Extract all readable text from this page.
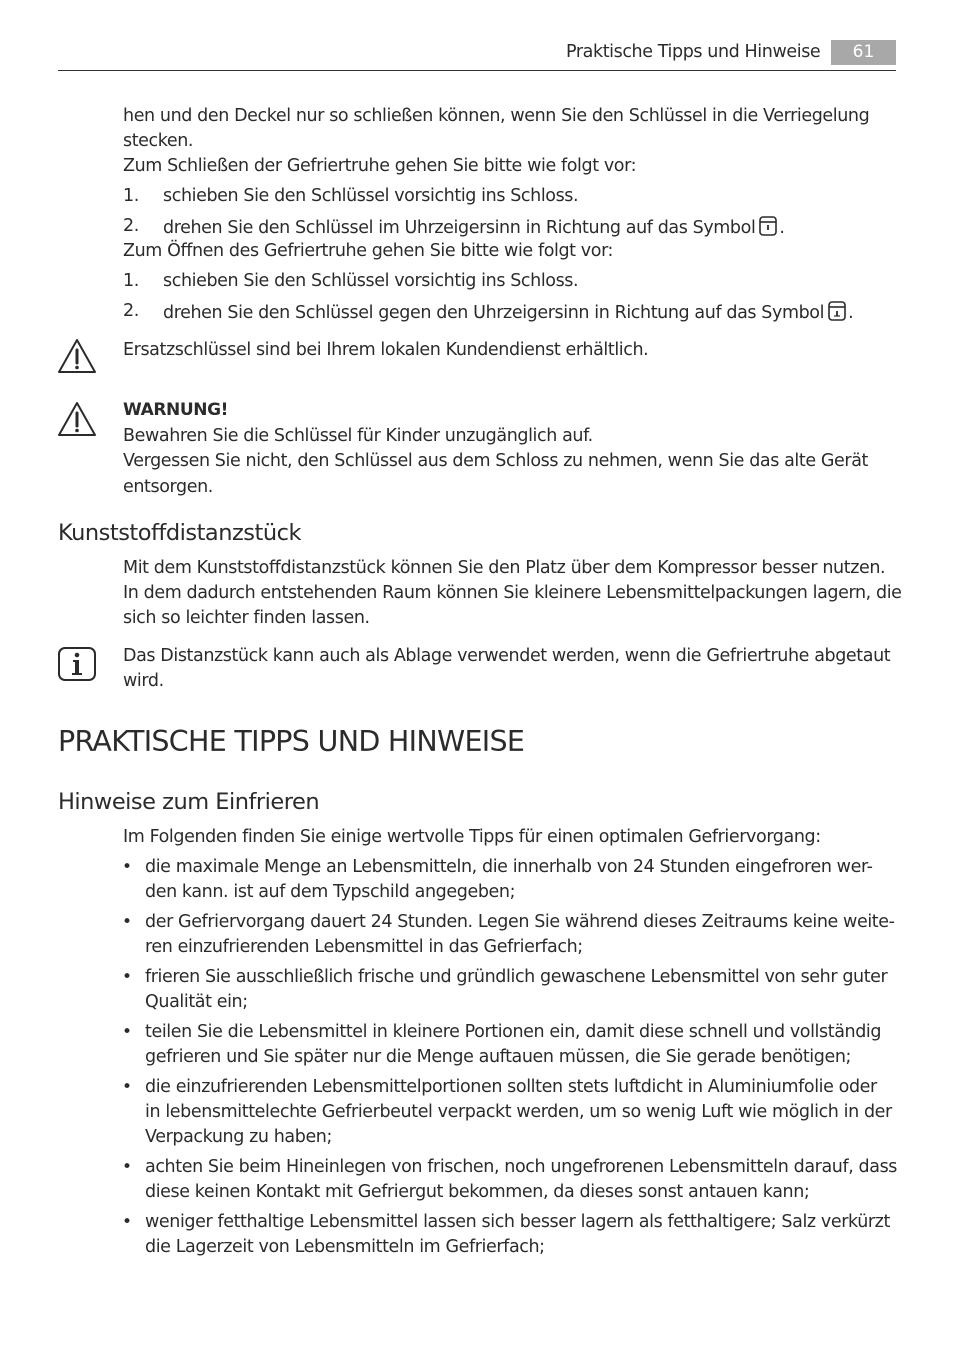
Praktische Tipps und Hinweise	61
hen und den Deckel nur so schließen können, wenn Sie den Schlüssel in die Verriegelung
stecken.
Zum Schließen der Gefriertruhe gehen Sie bitte wie folgt vor:
1. schieben Sie den Schlüssel vorsichtig ins Schloss.
2. drehen Sie den Schlüssel im Uhrzeigersinn in Richtung auf das Symbol .
Zum Öffnen des Gefriertruhe gehen Sie bitte wie folgt vor:
1. schieben Sie den Schlüssel vorsichtig ins Schloss.
2. drehen Sie den Schlüssel gegen den Uhrzeigersinn in Richtung auf das Symbol .
Ersatzschlüssel sind bei Ihrem lokalen Kundendienst erhältlich.
WARNUNG!
Bewahren Sie die Schlüssel für Kinder unzugänglich auf.
Vergessen Sie nicht, den Schlüssel aus dem Schloss zu nehmen, wenn Sie das alte Gerät
entsorgen.
Kunststoffdistanzstück
Mit dem Kunststoffdistanzstück können Sie den Platz über dem Kompressor besser nutzen.
In dem dadurch entstehenden Raum können Sie kleinere Lebensmittelpackungen lagern, die
sich so leichter finden lassen.
Das Distanzstück kann auch als Ablage verwendet werden, wenn die Gefriertruhe abgetaut
wird.
PRAKTISCHE TIPPS UND HINWEISE
Hinweise zum Einfrieren
Im Folgenden finden Sie einige wertvolle Tipps für einen optimalen Gefriervorgang:
• die maximale Menge an Lebensmitteln, die innerhalb von 24 Stunden eingefroren wer-
den kann. ist auf dem Typschild angegeben;
• der Gefriervorgang dauert 24 Stunden. Legen Sie während dieses Zeitraums keine weite-
ren einzufrierenden Lebensmittel in das Gefrierfach;
• frieren Sie ausschließlich frische und gründlich gewaschene Lebensmittel von sehr guter
Qualität ein;
• teilen Sie die Lebensmittel in kleinere Portionen ein, damit diese schnell und vollständig
gefrieren und Sie später nur die Menge auftauen müssen, die Sie gerade benötigen;
• die einzufrierenden Lebensmittelportionen sollten stets luftdicht in Aluminiumfolie oder
in lebensmittelechte Gefrierbeutel verpackt werden, um so wenig Luft wie möglich in der
Verpackung zu haben;
• achten Sie beim Hineinlegen von frischen, noch ungefrorenen Lebensmitteln darauf, dass
diese keinen Kontakt mit Gefriergut bekommen, da dieses sonst antauen kann;
• weniger fetthaltige Lebensmittel lassen sich besser lagern als fetthaltigere; Salz verkürzt
die Lagerzeit von Lebensmitteln im Gefrierfach;
